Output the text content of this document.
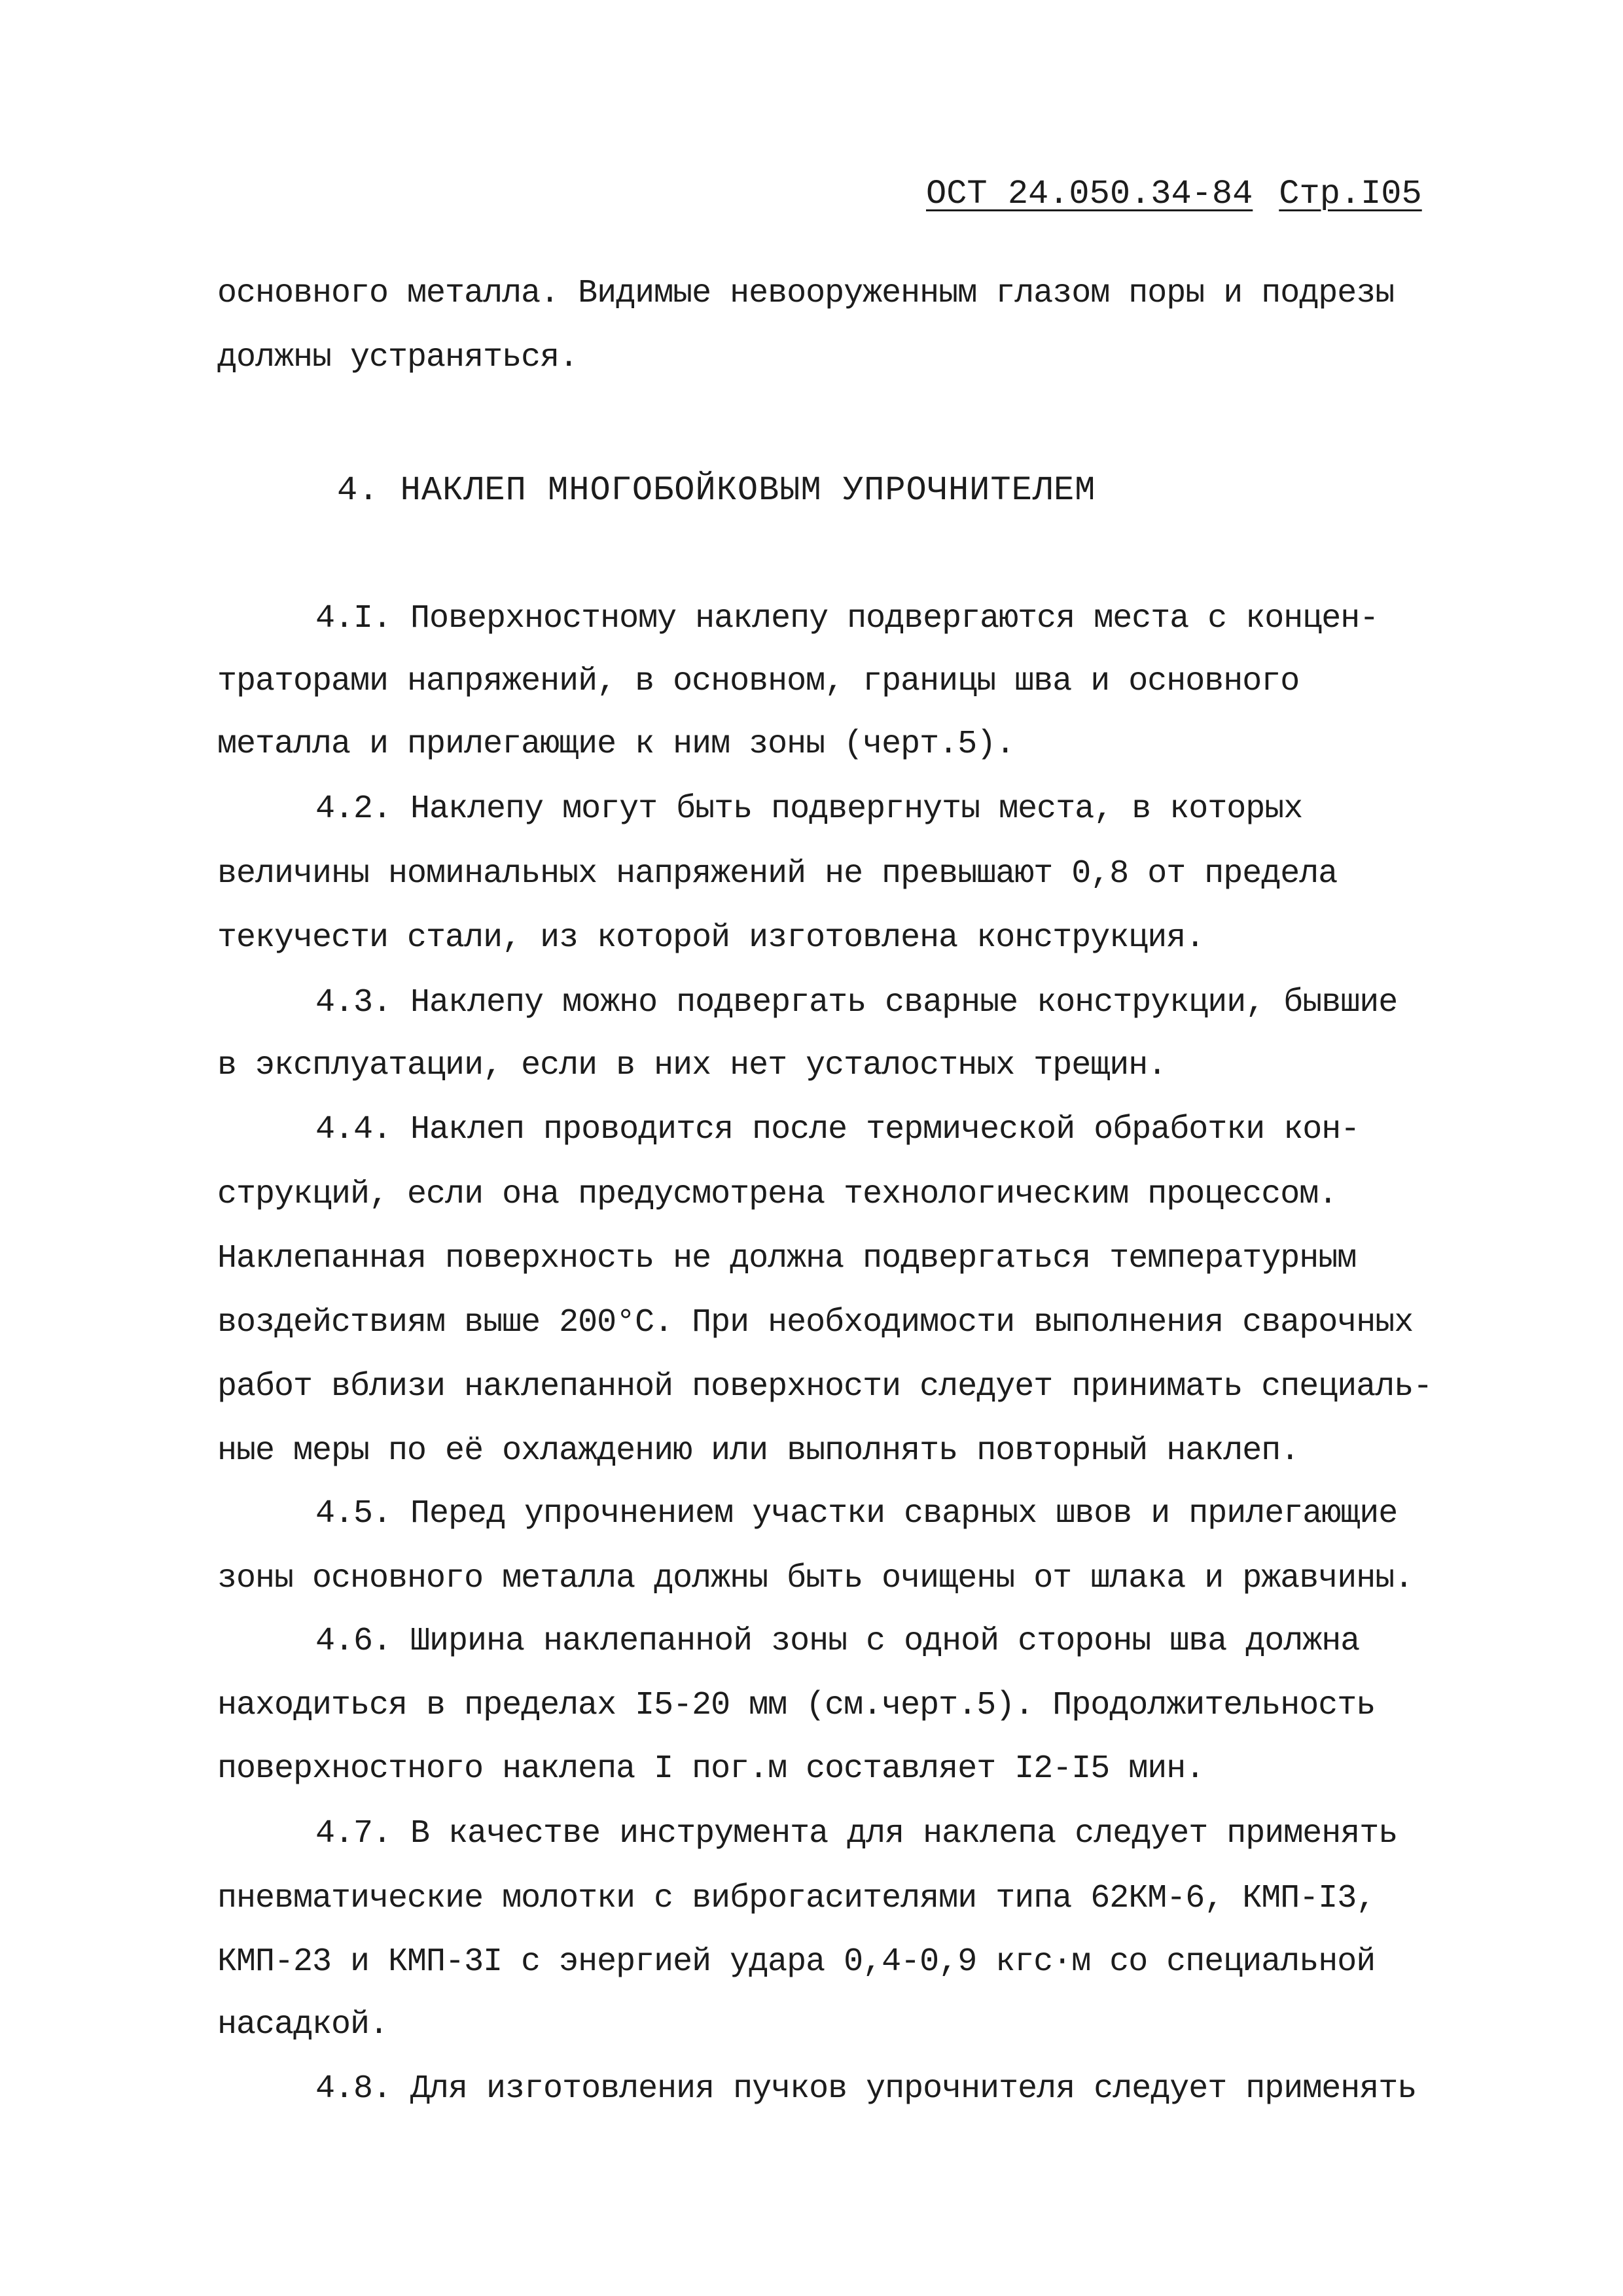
ОСТ 24.050.34-84 Стр.I05
основного металла. Видимые невооруженным глазом поры и подрезы
должны устраняться.
4.I. Поверхностному наклепу подвергаются места с концен-
траторами напряжений, в основном, границы шва и основного
металла и прилегающие к ним зоны (черт.5).
4.2. Наклепу могут быть подвергнуты места, в которых
величины номинальных напряжений не превышают 0,8 от предела
текучести стали, из которой изготовлена конструкция.
4.3. Наклепу можно подвергать сварные конструкции, бывшие
в эксплуатации, если в них нет усталостных трещин.
4.4. Наклеп проводится после термической обработки кон-
струкций, если она предусмотрена технологическим процессом.
Наклепанная поверхность не должна подвергаться температурным
воздействиям выше 200°С. При необходимости выполнения сварочных
работ вблизи наклепанной поверхности следует принимать специаль-
ные меры по её охлаждению или выполнять повторный наклеп.
4.5. Перед упрочнением участки сварных швов и прилегающие
зоны основного металла должны быть очищены от шлака и ржавчины.
4.6. Ширина наклепанной зоны с одной стороны шва должна
находиться в пределах I5-20 мм (см.черт.5). Продолжительность
поверхностного наклепа I пог.м составляет I2-I5 мин.
4.7. В качестве инструмента для наклепа следует применять
пневматические молотки с виброгасителями типа 62КМ-6, КМП-I3,
КМП-23 и КМП-3I с энергией удара 0,4-0,9 кгс·м со специальной
насадкой.
4.8. Для изготовления пучков упрочнителя следует применять
4. НАКЛЕП МНОГОБОЙКОВЫМ УПРОЧНИТЕЛЕМ
